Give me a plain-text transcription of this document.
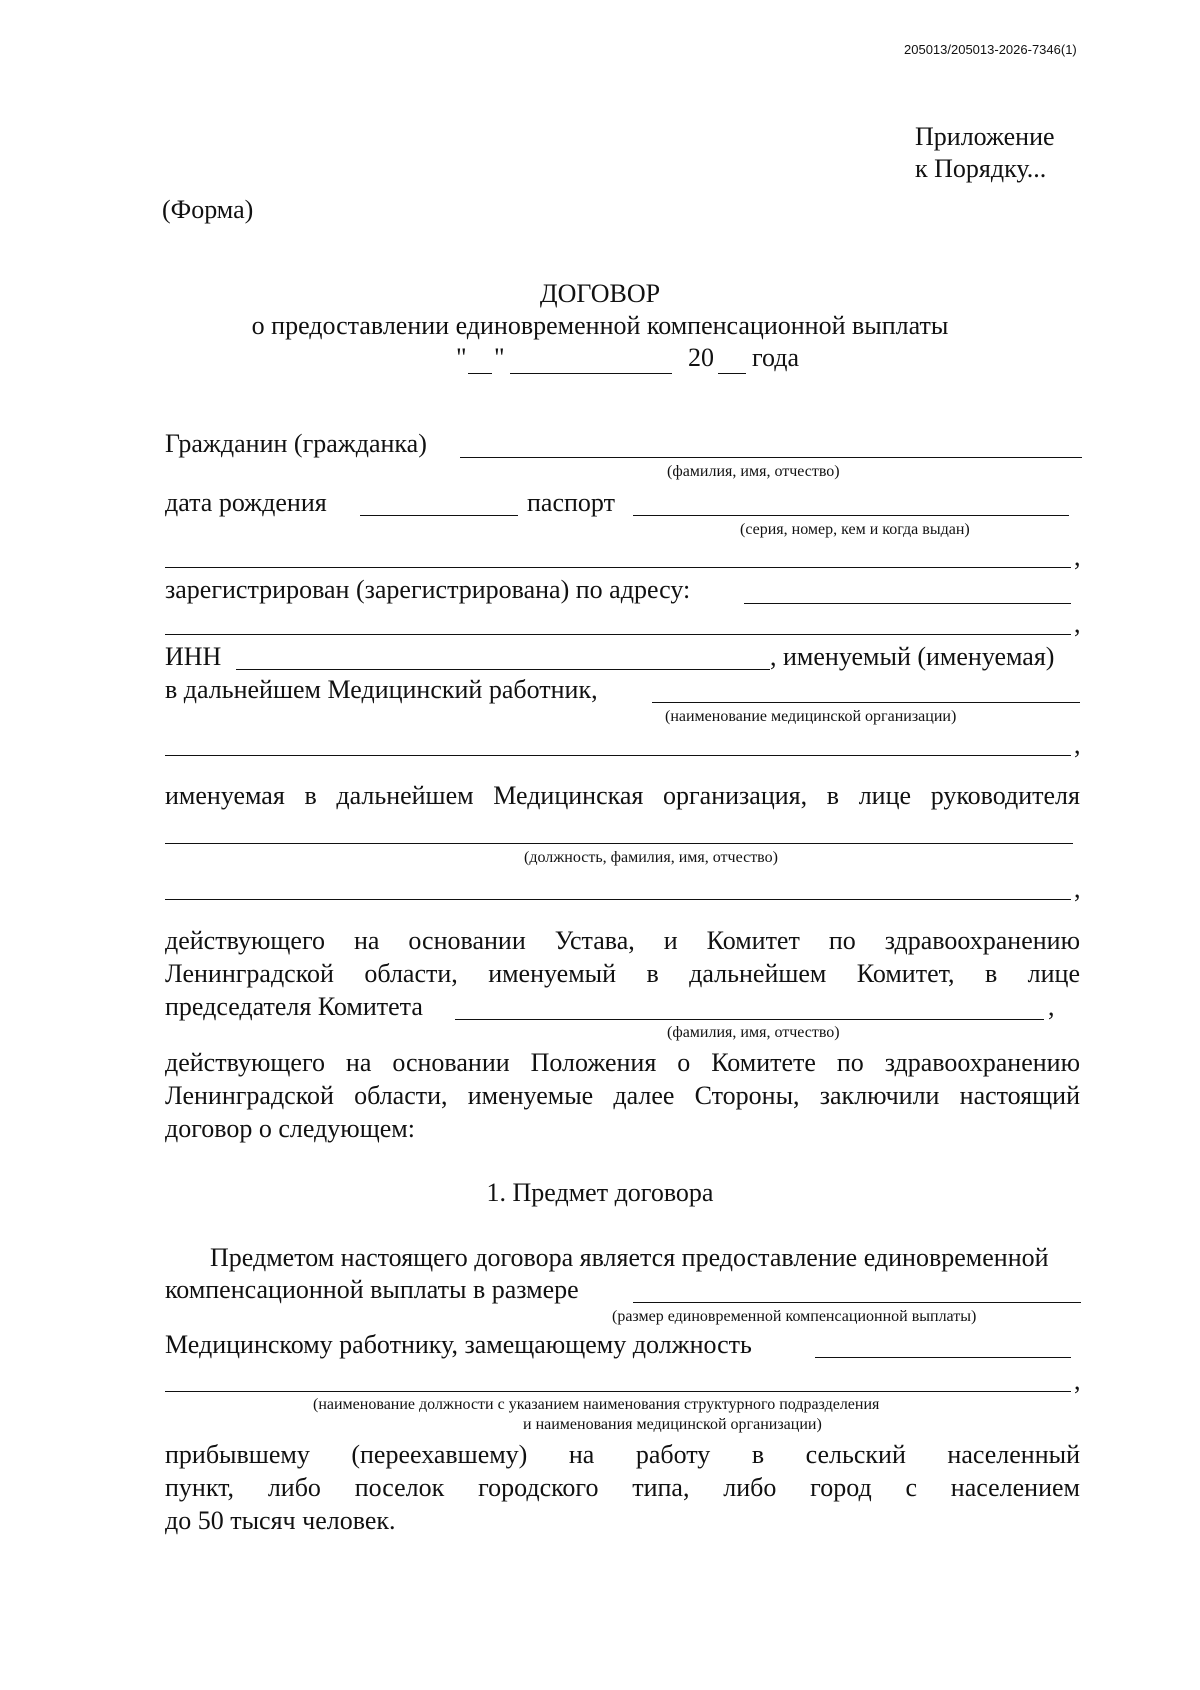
205013/205013-2026-7346(1)
Приложение
к Порядку...
(Форма)
ДОГОВОР
о предоставлении единовременной компенсационной выплаты
" "	20 года
Гражданин (гражданка)
(фамилия, имя, отчество)
дата рождения	паспорт
(серия, номер, кем и когда выдан)
,
зарегистрирован (зарегистрирована) по адресу:
,
ИНН	, именуемый (именуемая)
в дальнейшем Медицинский работник,
(наименование медицинской организации)
,
именуемая в дальнейшем Медицинская организация, в лице руководителя
(должность, фамилия, имя, отчество)
,
действующего на основании Устава, и Комитет по здравоохранению
Ленинградской области, именуемый в дальнейшем Комитет, в лице
председателя Комитета	,
(фамилия, имя, отчество)
действующего на основании Положения о Комитете по здравоохранению
Ленинградской области, именуемые далее Стороны, заключили настоящий
договор о следующем:
1. Предмет договора
Предметом настоящего договора является предоставление единовременной
компенсационной выплаты в размере
(размер единовременной компенсационной выплаты)
Медицинскому работнику, замещающему должность
,
(наименование должности с указанием наименования структурного подразделения
и наименования медицинской организации)
прибывшему (переехавшему) на работу в сельский населенный
пункт, либо поселок городского типа, либо город с населением
до 50 тысяч человек.
